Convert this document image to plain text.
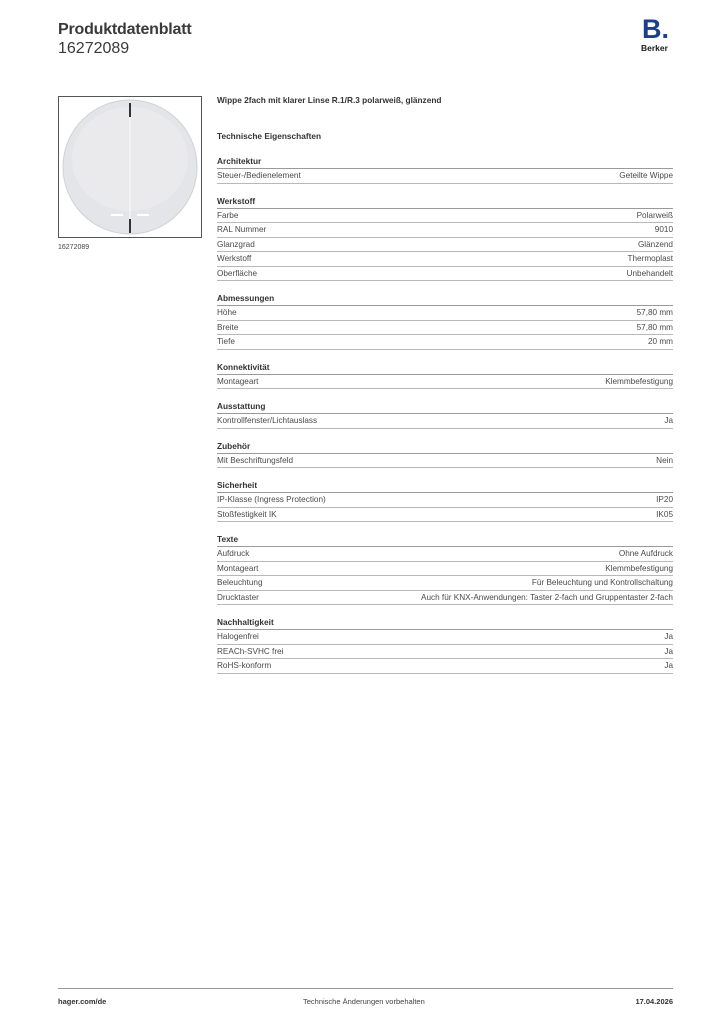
Produktdatenblatt
16272089
B.
Berker
16272089
Wippe 2fach mit klarer Linse R.1/R.3 polarweiß, glänzend
Technische Eigenschaften
Architektur
Steuer-/Bedienelement	Geteilte Wippe
Werkstoff
Farbe	Polarweiß
RAL Nummer	9010
Glanzgrad	Glänzend
Werkstoff	Thermoplast
Oberfläche	Unbehandelt
Abmessungen
Höhe	57,80 mm
Breite	57,80 mm
Tiefe	20 mm
Konnektivität
Montageart	Klemmbefestigung
Ausstattung
Kontrollfenster/Lichtauslass	Ja
Zubehör
Mit Beschriftungsfeld	Nein
Sicherheit
IP-Klasse (Ingress Protection)	IP20
Stoßfestigkeit IK	IK05
Texte
Aufdruck	Ohne Aufdruck
Montageart	Klemmbefestigung
Beleuchtung	Für Beleuchtung und Kontrollschaltung
Drucktaster	Auch für KNX-Anwendungen: Taster 2-fach und Gruppentaster 2-fach
Nachhaltigkeit
Halogenfrei	Ja
REACh-SVHC frei	Ja
RoHS-konform	Ja
hager.com/de	Technische Änderungen vorbehalten	17.04.2026
